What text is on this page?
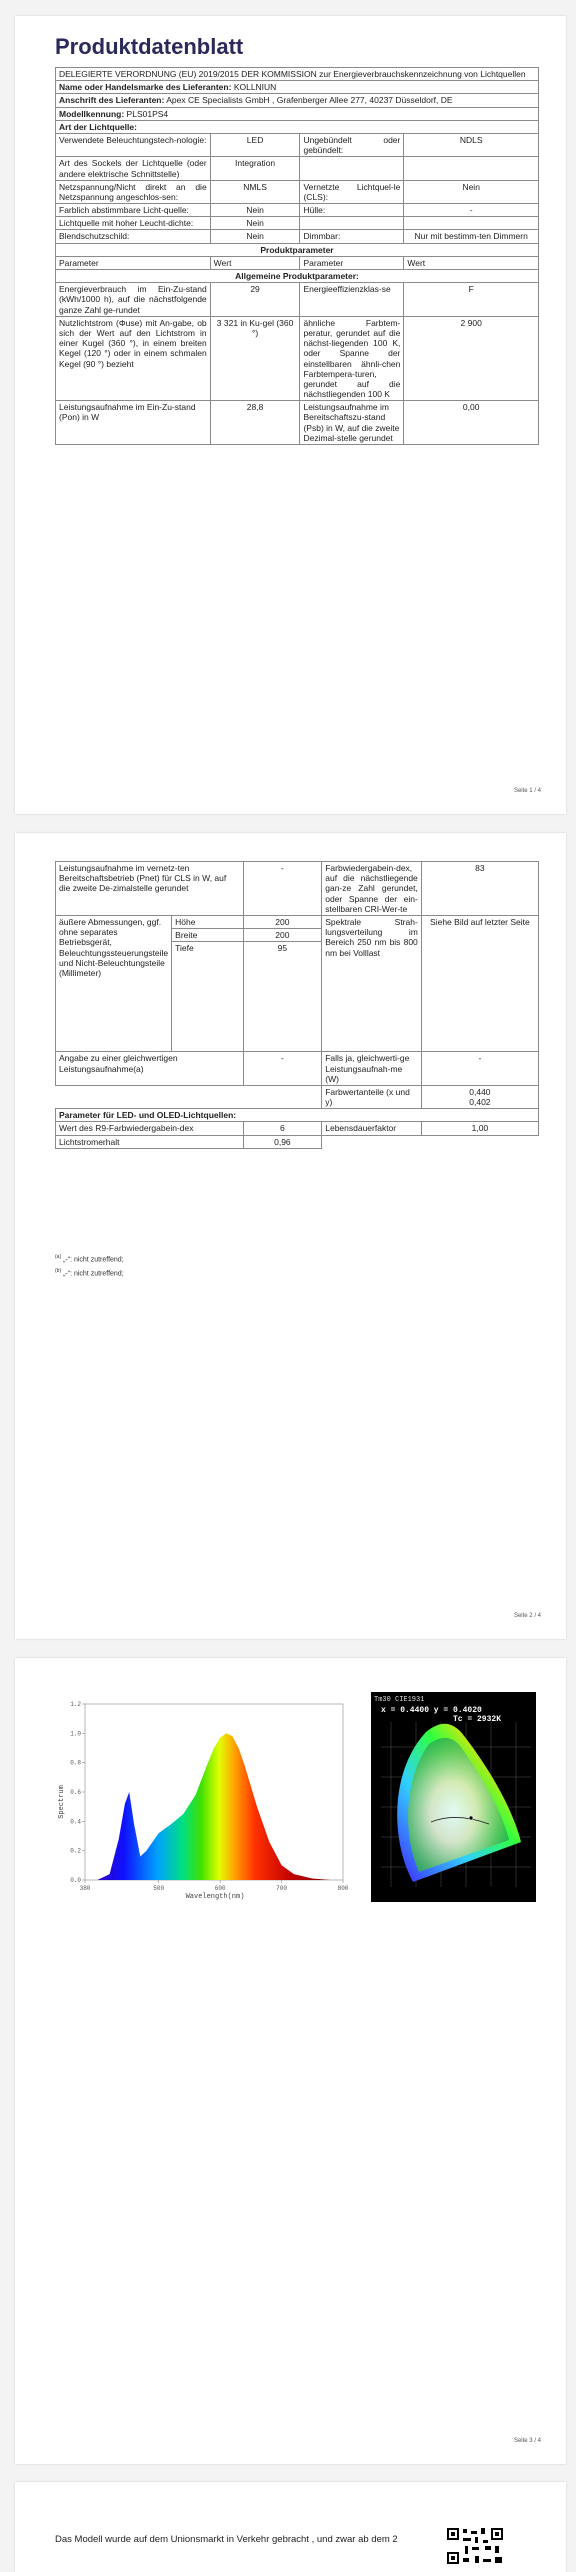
Produktdatenblatt
DELEGIERTE VERORDNUNG (EU) 2019/2015 DER KOMMISSION zur Energieverbrauchskennzeichnung von Lichtquellen			
Name oder Handelsmarke des Lieferanten: KOLLNIUN			
Anschrift des Lieferanten: Apex CE Specialists GmbH , Grafenberger Allee 277, 40237 Düsseldorf, DE			
Modellkennung: PLS01PS4			
Art der Lichtquelle:			
Verwendete Beleuchtungstech-nologie:	LED	Ungebündelt oder gebündelt:	NDLS
Art des Sockels der Lichtquelle (oder andere elektrische Schnittstelle)	Integration		
Netzspannung/Nicht direkt an die Netzspannung angeschlos-sen:	NMLS	Vernetzte Lichtquel-le (CLS):	Nein
Farblich abstimmbare Licht-quelle:	Nein	Hülle:	-
Lichtquelle mit hoher Leucht-dichte:	Nein		
Blendschutzschild:	Nein	Dimmbar:	Nur mit bestimm-ten Dimmern
Produktparameter			
Parameter	Wert	Parameter	Wert
Allgemeine Produktparameter:			
Energieverbrauch im Ein-Zu-stand (kWh/1000 h), auf die nächstfolgende ganze Zahl ge-rundet	29	Energieeffizienzklas-se	F
Nutzlichtstrom (Φuse) mit An-gabe, ob sich der Wert auf den Lichtstrom in einer Kugel (360 °), in einem breiten Kegel (120 °) oder in einem schmalen Kegel (90 °) bezieht	3 321 in Ku-gel (360 °)	ähnliche Farbtem-peratur, gerundet auf die nächst-liegenden 100 K, oder Spanne der einstellbaren ähnli-chen Farbtempera-turen, gerundet auf die nächstliegenden 100 K	2 900
Leistungsaufnahme im Ein-Zu-stand (Pon) in W	28,8	Leistungsaufnahme im Bereitschaftszu-stand (Psb) in W, auf die zweite Dezimal-stelle gerundet	0,00
Seite 1 / 4
Leistungsaufnahme im vernetz-ten Bereitschaftsbetrieb (Pnet) für CLS in W, auf die zweite De-zimalstelle gerundet		-	Farbwiedergabein-dex, auf die nächstliegende gan-ze Zahl gerundet, oder Spanne der ein-stellbaren CRI-Wer-te	83
äußere Abmessungen, ggf. ohne separates Betriebsgerät, Beleuchtungssteuerungsteile und Nicht-Beleuchtungsteile (Millimeter)	Höhe	200	Spektrale Strah-lungsverteilung im Bereich 250 nm bis 800 nm bei Volllast	Siehe Bild auf letzter Seite
	Breite	200		
	Tiefe	95		
Angabe zu einer gleichwertigen Leistungsaufnahme(a)		-	Falls ja, gleichwerti-ge Leistungsaufnah-me (W)	-
			Farbwertanteile (x und y)	0,440
0,402

Parameter für LED- und OLED-Lichtquellen:				
Wert des R9-Farbwiedergabein-dex		6	Lebensdauerfaktor	1,00
Lichtstromerhalt		0,96		
$^{(a)}$ „-“: nicht zutreffend;
$^{(b)}$ „-“: nicht zutreffend;
Seite 2 / 4
0.0
0.2
0.4
0.6
0.8
1.0
1.2
380	500	600	700	800
Spectrum
Wavelength(nm)
Tm30 CIE1931
x = 0.4400 y = 0.4020
Tc = 2932K
Seite 3 / 4
Das Modell wurde auf dem Unionsmarkt in Verkehr gebracht , und zwar ab dem 2
